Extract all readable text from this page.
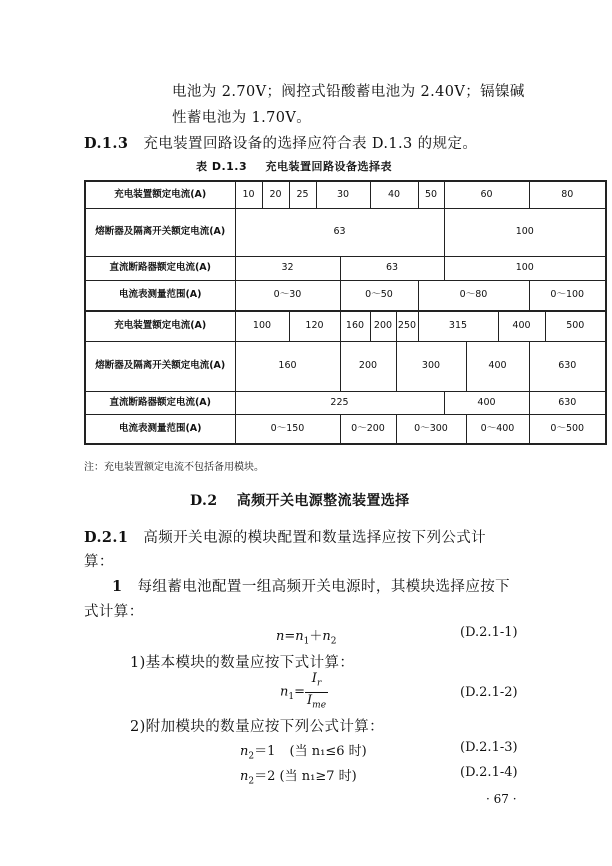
电池为 2.70V；阀控式铅酸蓄电池为 2.40V；镉镍碱
性蓄电池为 1.70V。
D.1.3 充电装置回路设备的选择应符合表 D.1.3 的规定。
表 D.1.3 充电装置回路设备选择表
充电装置额定电流(A)	10	20	25	30		40		50	60			80	
熔断器及隔离开关额定电流(A)	63								100				
直流断路器额定电流(A)	32				63				100				
电流表测量范围(A)	0～30				0～50			0～80				0～100	
充电装置额定电流(A)	100		120		160	200	250	315			400		500
熔断器及隔离开关额定电流(A)	160				200		300			400		630	
直流断路器额定电流(A)	225								400			630	
电流表测量范围(A)	0～150				0～200		0～300			0～400		0～500	
注：充电装置额定电流不包括备用模块。
D.2 高频开关电源整流装置选择
D.2.1 高频开关电源的模块配置和数量选择应按下列公式计
算：
1 每组蓄电池配置一组高频开关电源时，其模块选择应按下
式计算：
$n=n_1+n_2$
(D.2.1-1)
1)基本模块的数量应按下式计算：
$n_1= \frac{I_r}{I_{me}}$	(D.2.1-2)
2)附加模块的数量应按下列公式计算：
$n_2=1$ (当 n₁≤6 时)	(D.2.1-3)
$n_2=2$ (当 n₁≥7 时)	(D.2.1-4)
· 67 ·
